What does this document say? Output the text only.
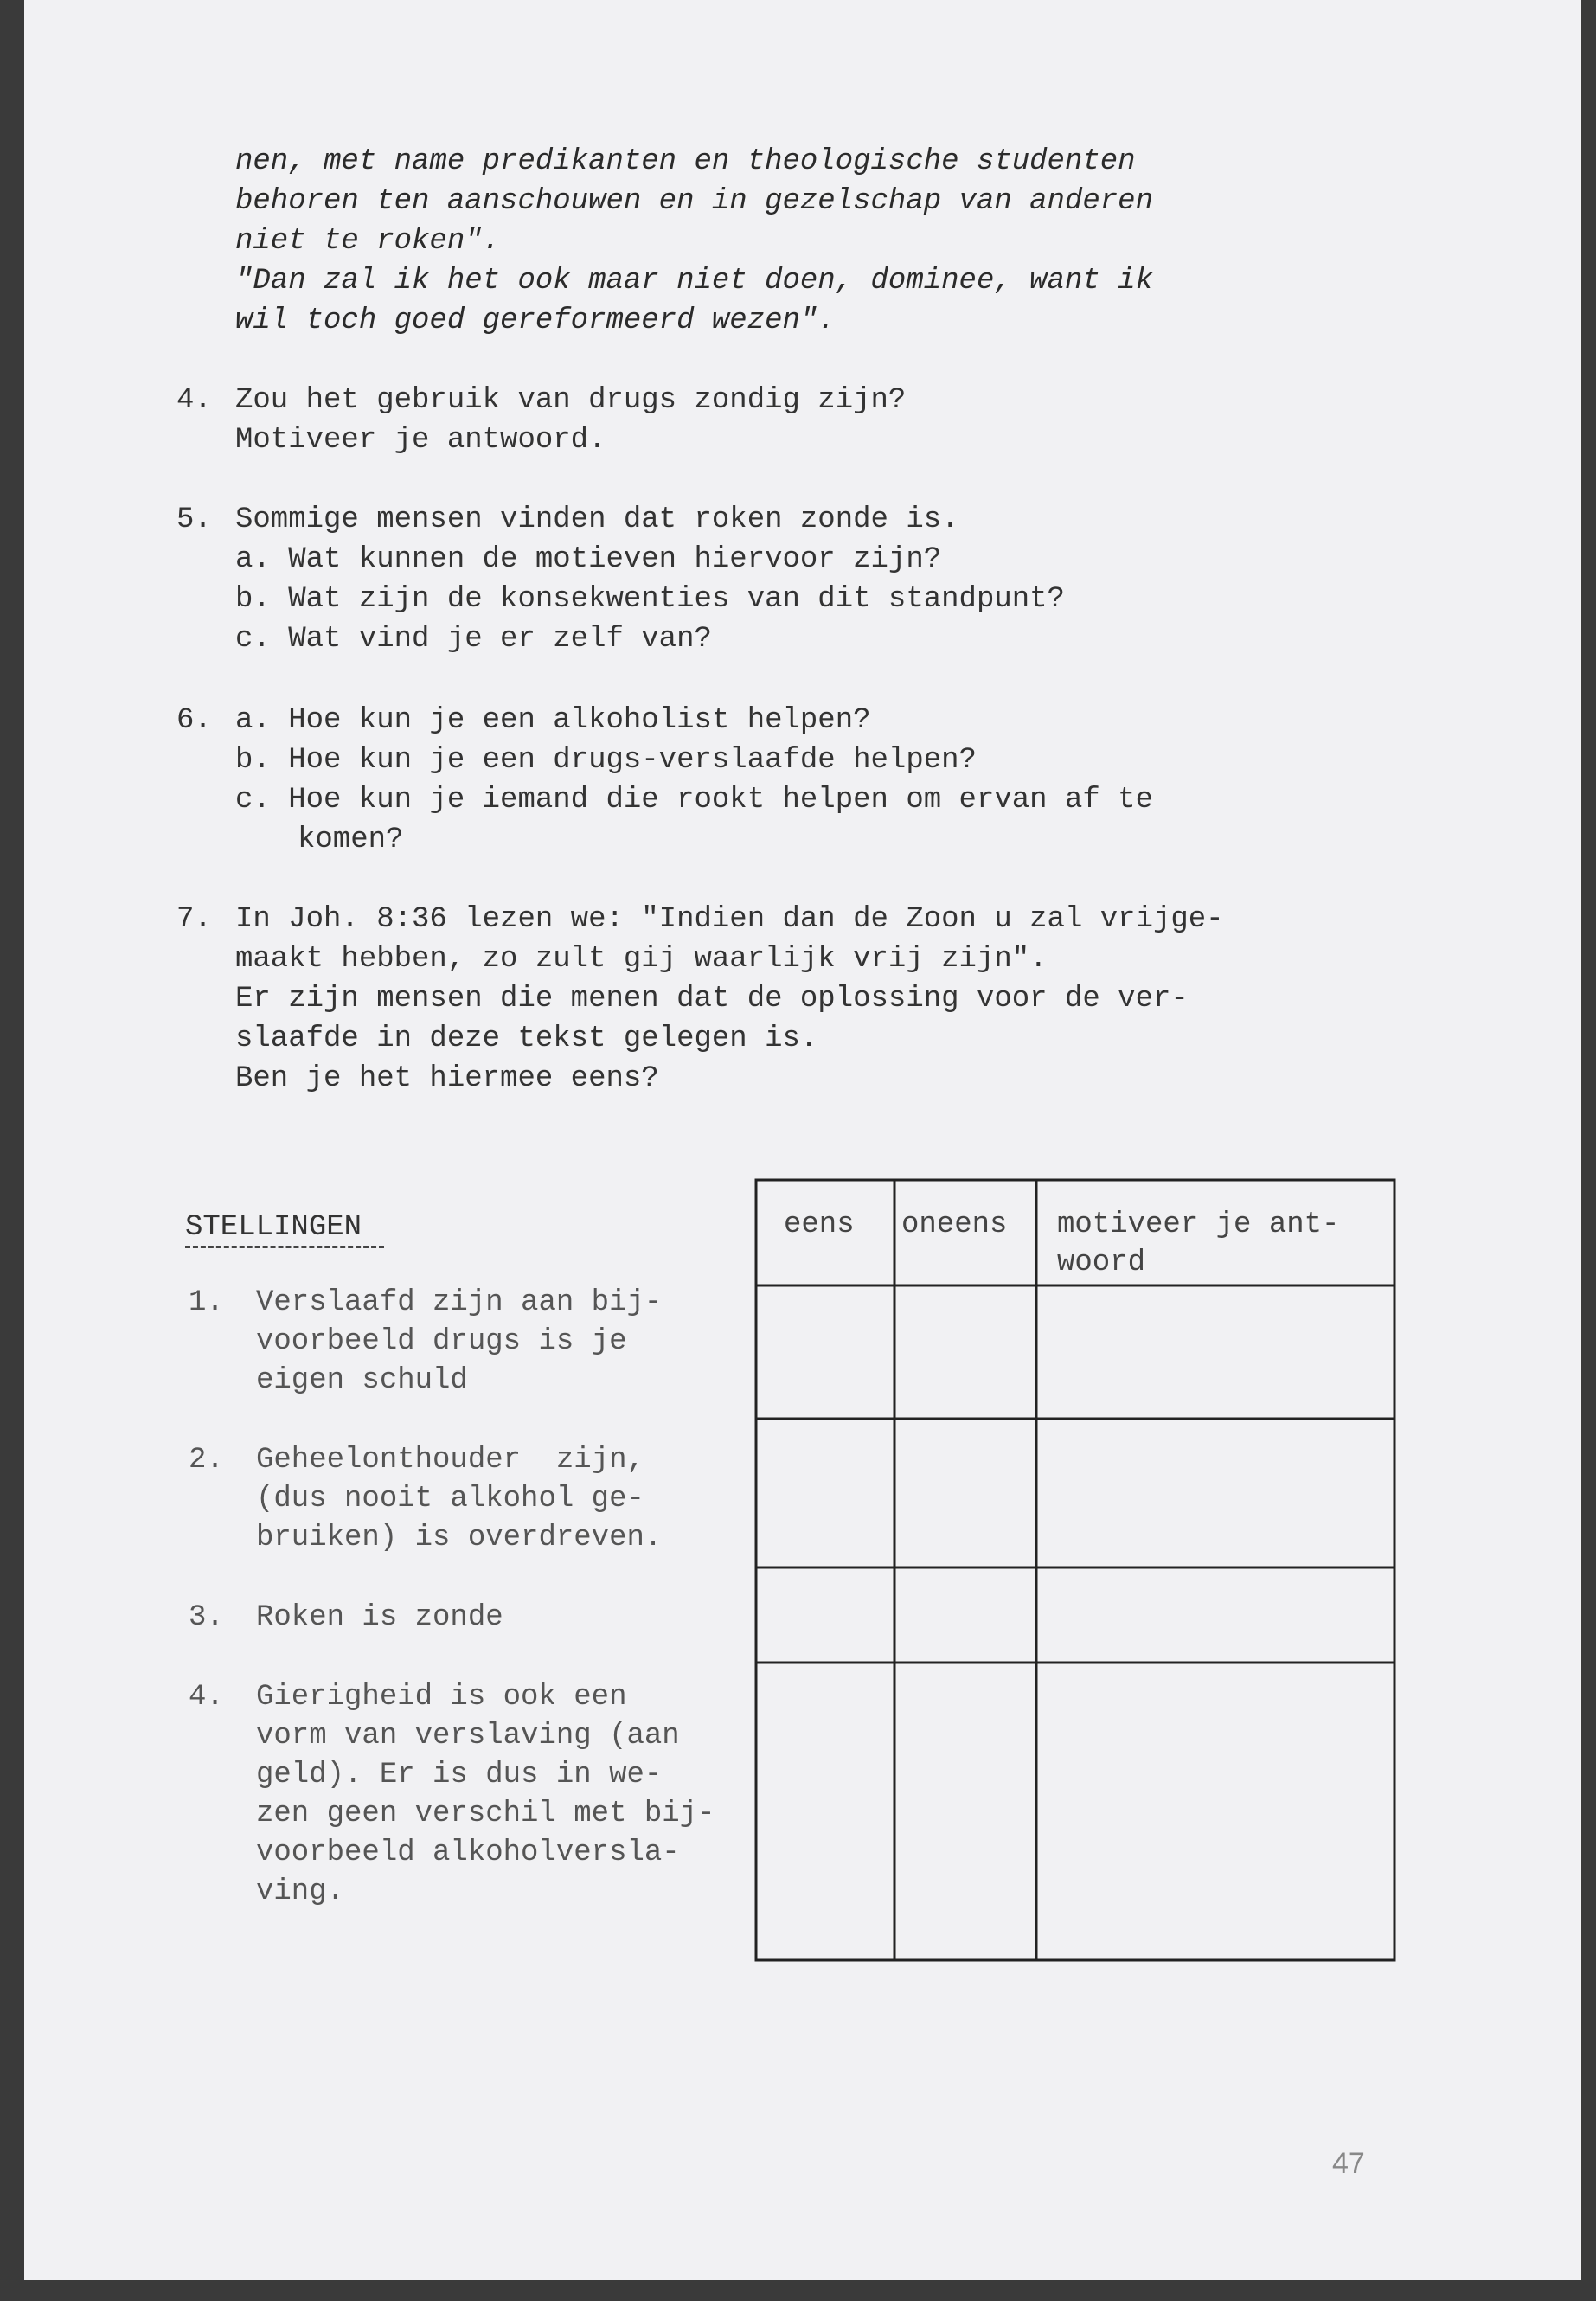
nen, met name predikanten en theologische studenten
behoren ten aanschouwen en in gezelschap van anderen
niet te roken".
"Dan zal ik het ook maar niet doen, dominee, want ik
wil toch goed gereformeerd wezen".
4. Zou het gebruik van drugs zondig zijn?
Motiveer je antwoord.
5. Sommige mensen vinden dat roken zonde is.
a. Wat kunnen de motieven hiervoor zijn?
b. Wat zijn de konsekwenties van dit standpunt?
c. Wat vind je er zelf van?
6. a. Hoe kun je een alkoholist helpen?
b. Hoe kun je een drugs-verslaafde helpen?
c. Hoe kun je iemand die rookt helpen om ervan af te
komen?
7. In Joh. 8:36 lezen we: "Indien dan de Zoon u zal vrijge-
maakt hebben, zo zult gij waarlijk vrij zijn".
Er zijn mensen die menen dat de oplossing voor de ver-
slaafde in deze tekst gelegen is.
Ben je het hiermee eens?
STELLINGEN
1. Verslaafd zijn aan bij-
voorbeeld drugs is je
eigen schuld
2. Geheelonthouder  zijn,
(dus nooit alkohol ge-
bruiken) is overdreven.
3. Roken is zonde
4. Gierigheid is ook een
vorm van verslaving (aan
geld). Er is dus in we-
zen geen verschil met bij-
voorbeeld alkoholversla-
ving.
eens oneens motiveer je ant-
woord
47
